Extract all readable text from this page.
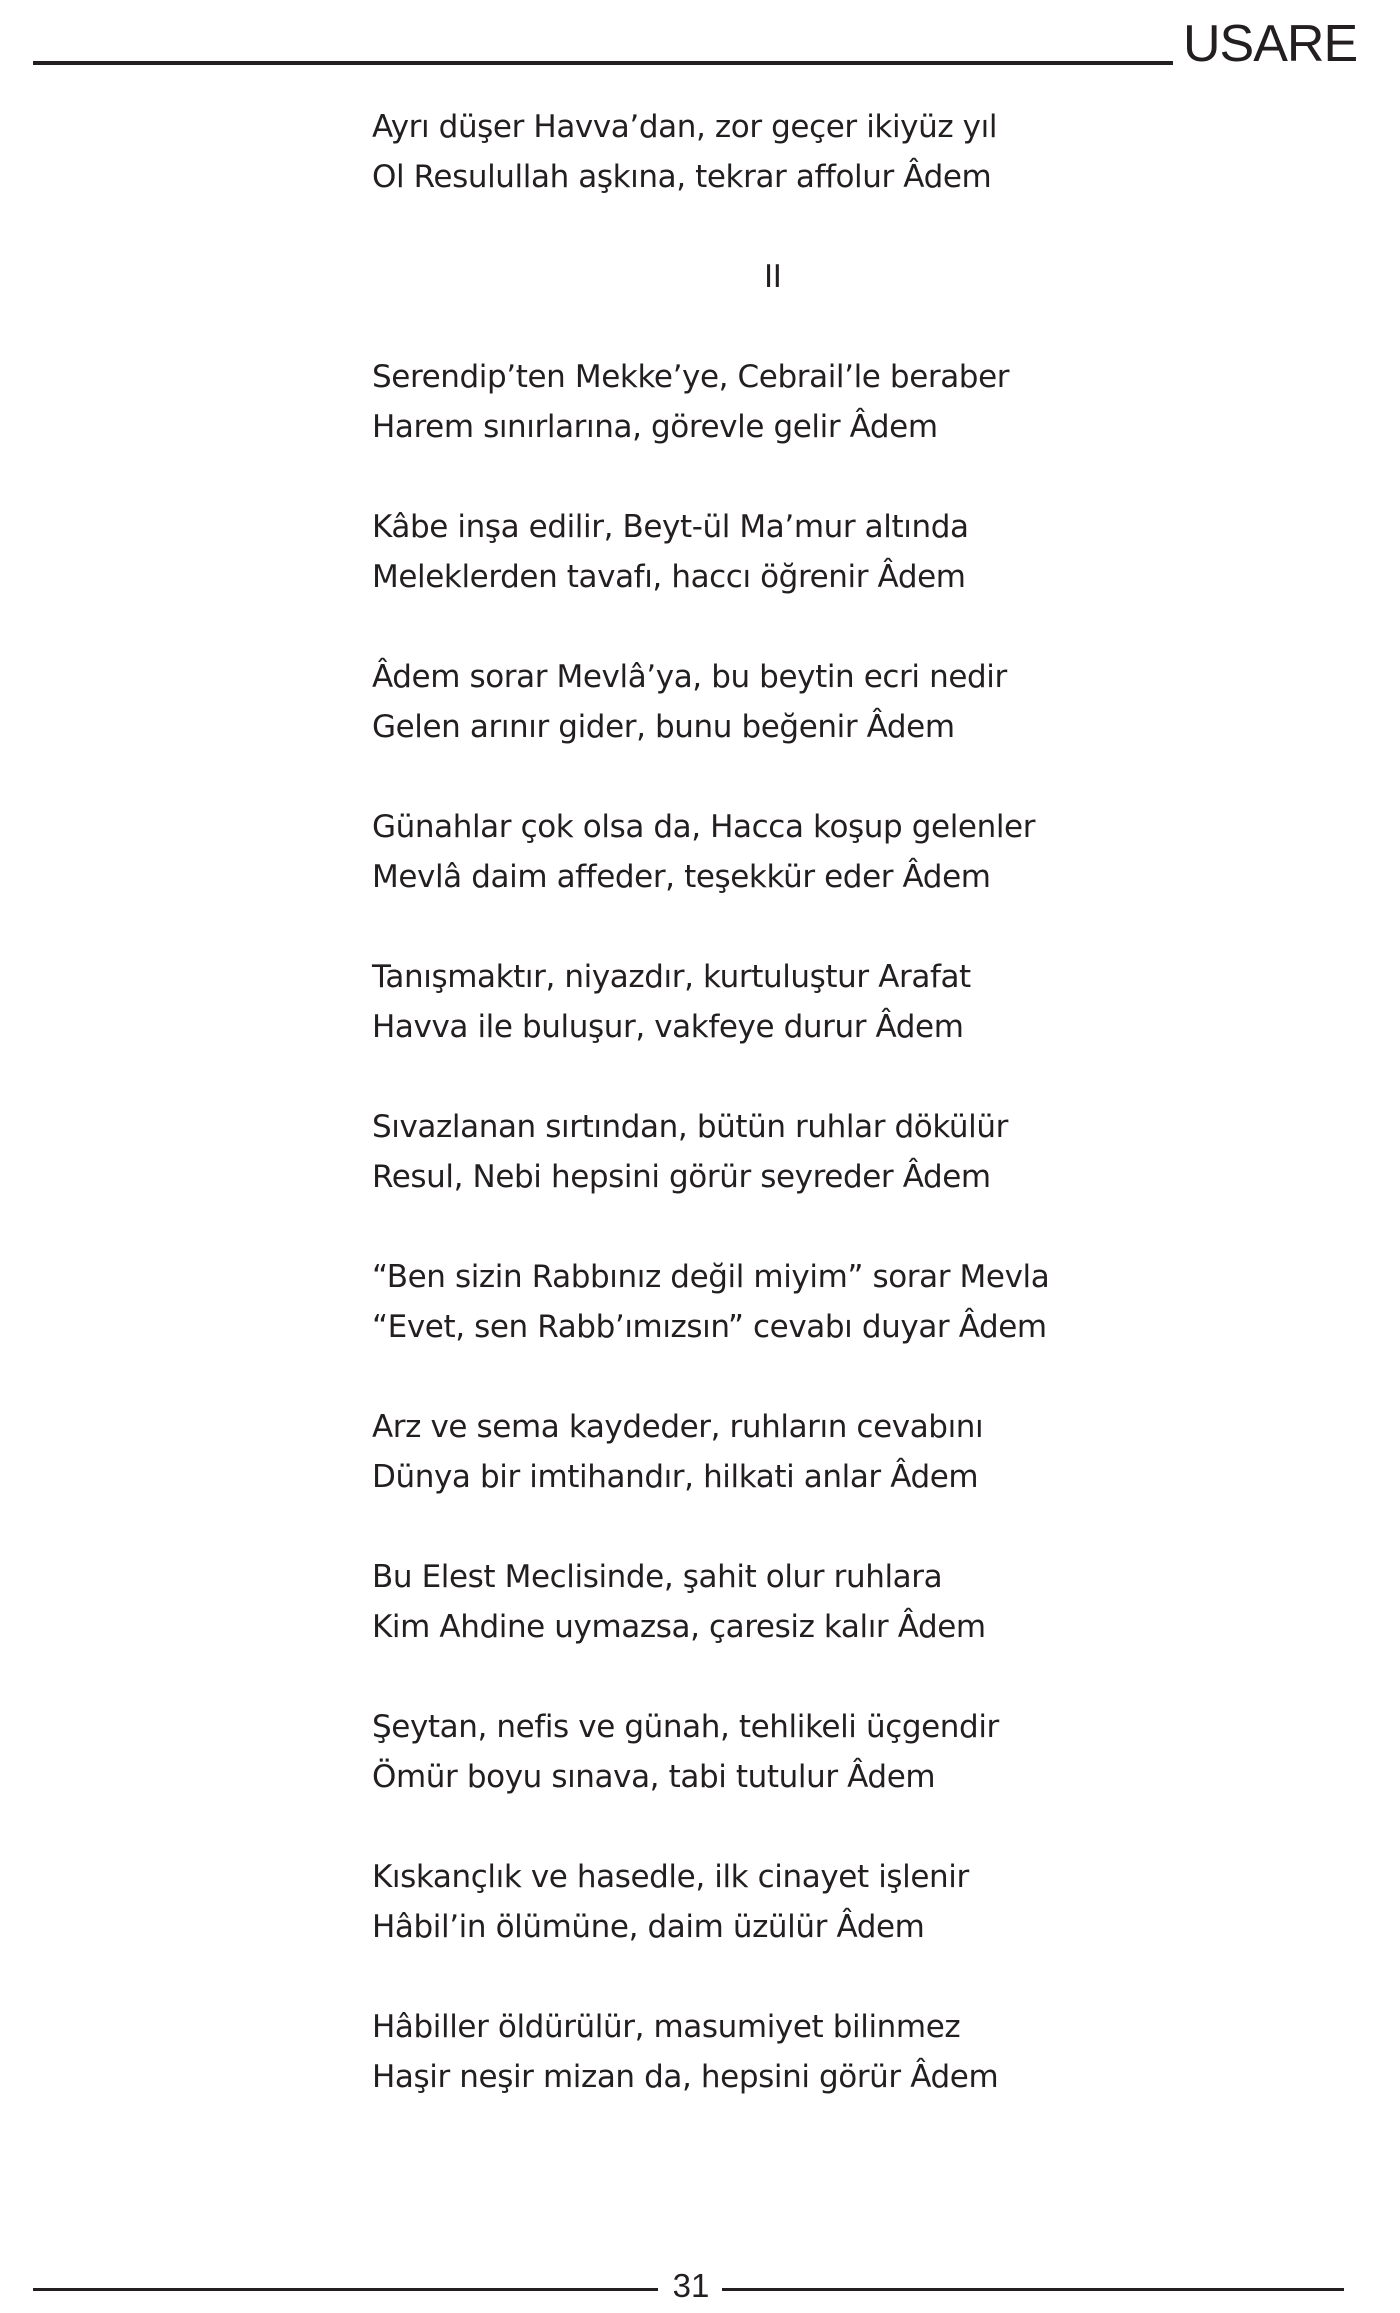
USARE
Ayrı düşer Havva’dan, zor geçer ikiyüz yıl
Ol Resulullah aşkına, tekrar affolur Âdem
II
Serendip’ten Mekke’ye, Cebrail’le beraber
Harem sınırlarına, görevle gelir Âdem
Kâbe inşa edilir, Beyt-ül Ma’mur altında
Meleklerden tavafı, haccı öğrenir Âdem
Âdem sorar Mevlâ’ya, bu beytin ecri nedir
Gelen arınır gider, bunu beğenir Âdem
Günahlar çok olsa da, Hacca koşup gelenler
Mevlâ daim affeder, teşekkür eder Âdem
Tanışmaktır, niyazdır, kurtuluştur Arafat
Havva ile buluşur, vakfeye durur Âdem
Sıvazlanan sırtından, bütün ruhlar dökülür
Resul, Nebi hepsini görür seyreder Âdem
“Ben sizin Rabbınız değil miyim” sorar Mevla
“Evet, sen Rabb’ımızsın” cevabı duyar Âdem
Arz ve sema kaydeder, ruhların cevabını
Dünya bir imtihandır, hilkati anlar Âdem
Bu Elest Meclisinde, şahit olur ruhlara
Kim Ahdine uymazsa, çaresiz kalır Âdem
Şeytan, nefis ve günah, tehlikeli üçgendir
Ömür boyu sınava, tabi tutulur Âdem
Kıskançlık ve hasedle, ilk cinayet işlenir
Hâbil’in ölümüne, daim üzülür Âdem
Hâbiller öldürülür, masumiyet bilinmez
Haşir neşir mizan da, hepsini görür Âdem
31
